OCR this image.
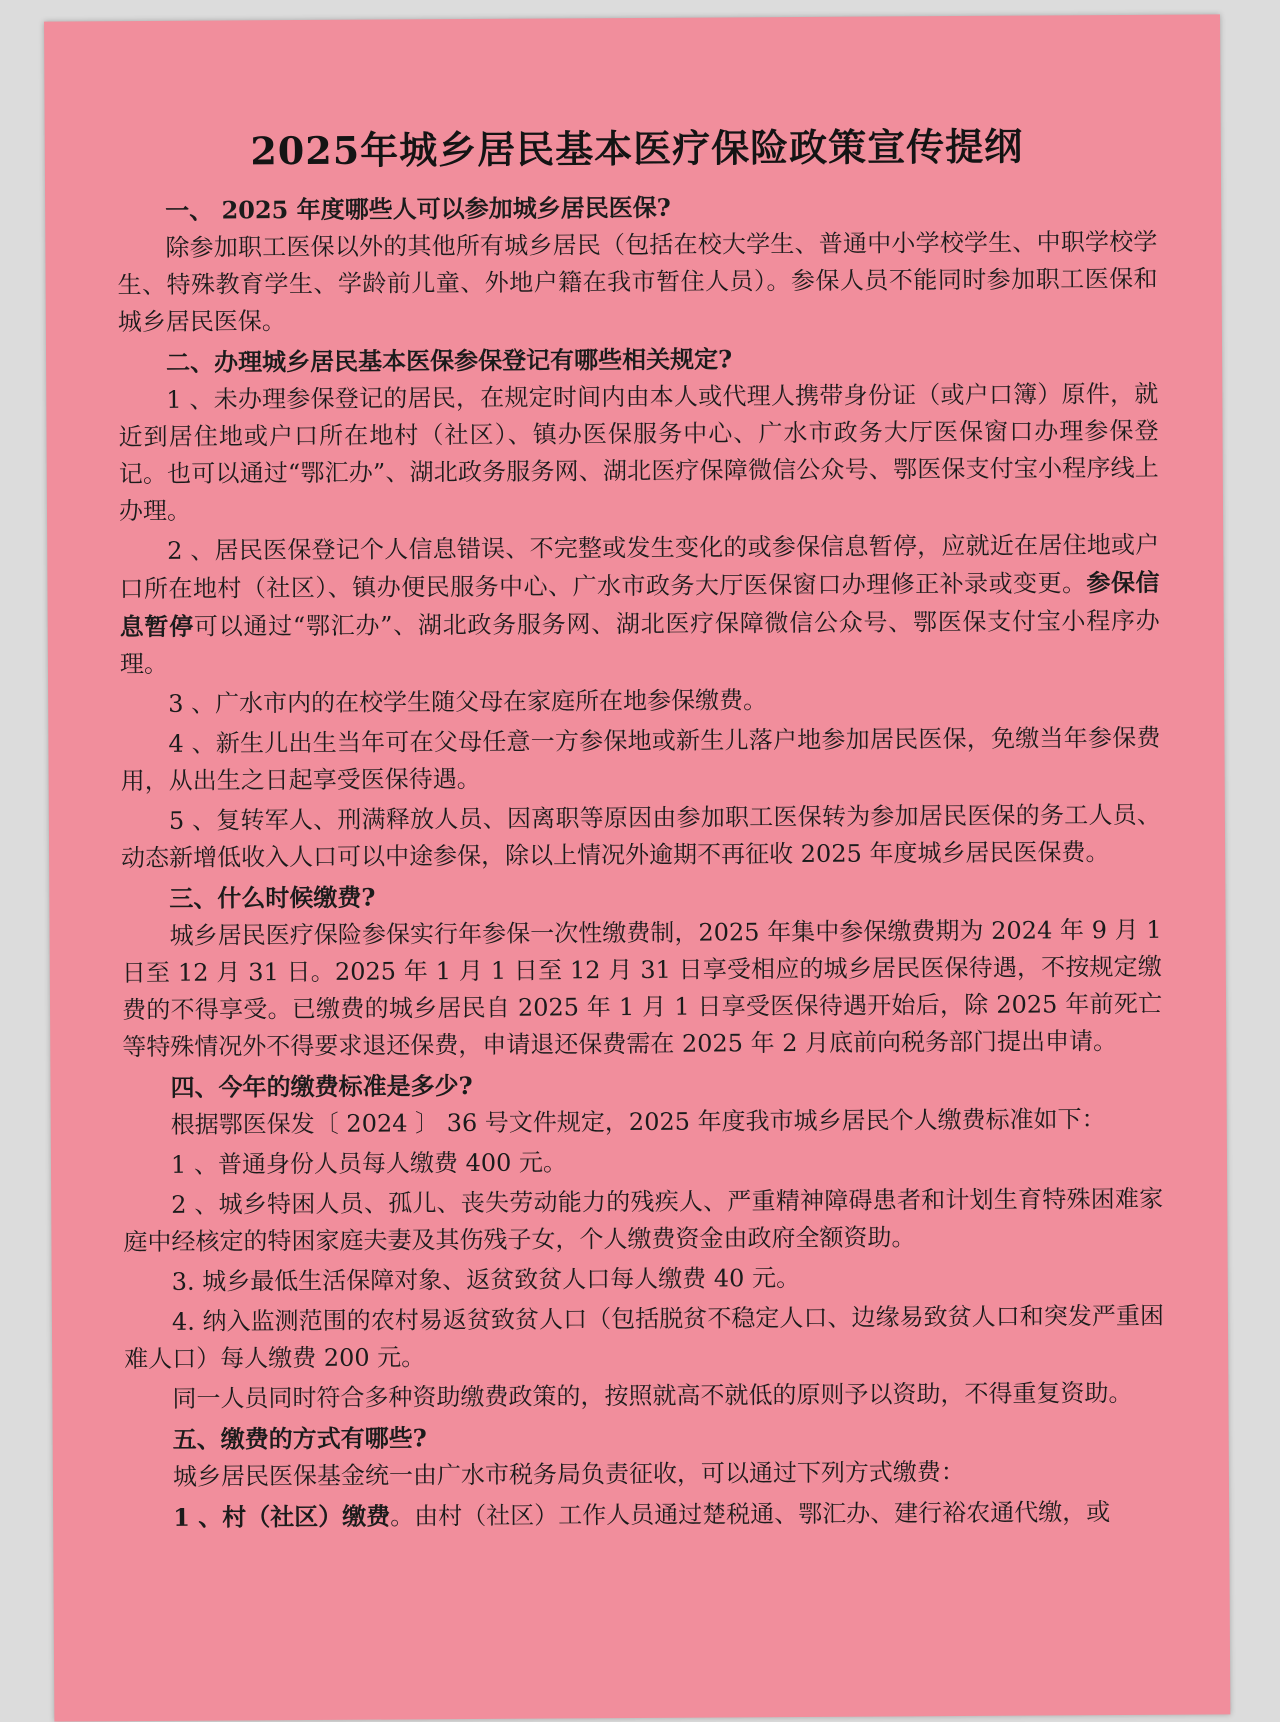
2025年城乡居民基本医疗保险政策宣传提纲

一、 2025 年度哪些人可以参加城乡居民医保?

除参加职工医保以外的其他所有城乡居民（包括在校大学生、普通中小学校学生、中职学校学生、特殊教育学生、学龄前儿童、外地户籍在我市暂住人员）。参保人员不能同时参加职工医保和城乡居民医保。

二、办理城乡居民基本医保参保登记有哪些相关规定?

1 、未办理参保登记的居民，在规定时间内由本人或代理人携带身份证（或户口簿）原件，就近到居住地或户口所在地村（社区）、镇办医保服务中心、广水市政务大厅医保窗口办理参保登记。也可以通过“鄂汇办”、湖北政务服务网、湖北医疗保障微信公众号、鄂医保支付宝小程序线上办理。

2 、居民医保登记个人信息错误、不完整或发生变化的或参保信息暂停，应就近在居住地或户口所在地村（社区）、镇办便民服务中心、广水市政务大厅医保窗口办理修正补录或变更。参保信息暂停可以通过“鄂汇办”、湖北政务服务网、湖北医疗保障微信公众号、鄂医保支付宝小程序办理。

3 、广水市内的在校学生随父母在家庭所在地参保缴费。

4 、新生儿出生当年可在父母任意一方参保地或新生儿落户地参加居民医保，免缴当年参保费用，从出生之日起享受医保待遇。

5 、复转军人、刑满释放人员、因离职等原因由参加职工医保转为参加居民医保的务工人员、动态新增低收入人口可以中途参保，除以上情况外逾期不再征收 2025 年度城乡居民医保费。

三、什么时候缴费?

城乡居民医疗保险参保实行年参保一次性缴费制，2025 年集中参保缴费期为 2024 年 9 月 1 日至 12 月 31 日。2025 年 1 月 1 日至 12 月 31 日享受相应的城乡居民医保待遇，不按规定缴费的不得享受。已缴费的城乡居民自 2025 年 1 月 1 日享受医保待遇开始后，除 2025 年前死亡等特殊情况外不得要求退还保费，申请退还保费需在 2025 年 2 月底前向税务部门提出申请。

四、今年的缴费标准是多少?

根据鄂医保发〔 2024 〕 36 号文件规定，2025 年度我市城乡居民个人缴费标准如下：

1 、普通身份人员每人缴费 400 元。

2 、城乡特困人员、孤儿、丧失劳动能力的残疾人、严重精神障碍患者和计划生育特殊困难家庭中经核定的特困家庭夫妻及其伤残子女，个人缴费资金由政府全额资助。

3. 城乡最低生活保障对象、返贫致贫人口每人缴费 40 元。

4. 纳入监测范围的农村易返贫致贫人口（包括脱贫不稳定人口、边缘易致贫人口和突发严重困难人口）每人缴费 200 元。

同一人员同时符合多种资助缴费政策的，按照就高不就低的原则予以资助，不得重复资助。

五、缴费的方式有哪些?

城乡居民医保基金统一由广水市税务局负责征收，可以通过下列方式缴费：

1 、村（社区）缴费。由村（社区）工作人员通过楚税通、鄂汇办、建行裕农通代缴，或
